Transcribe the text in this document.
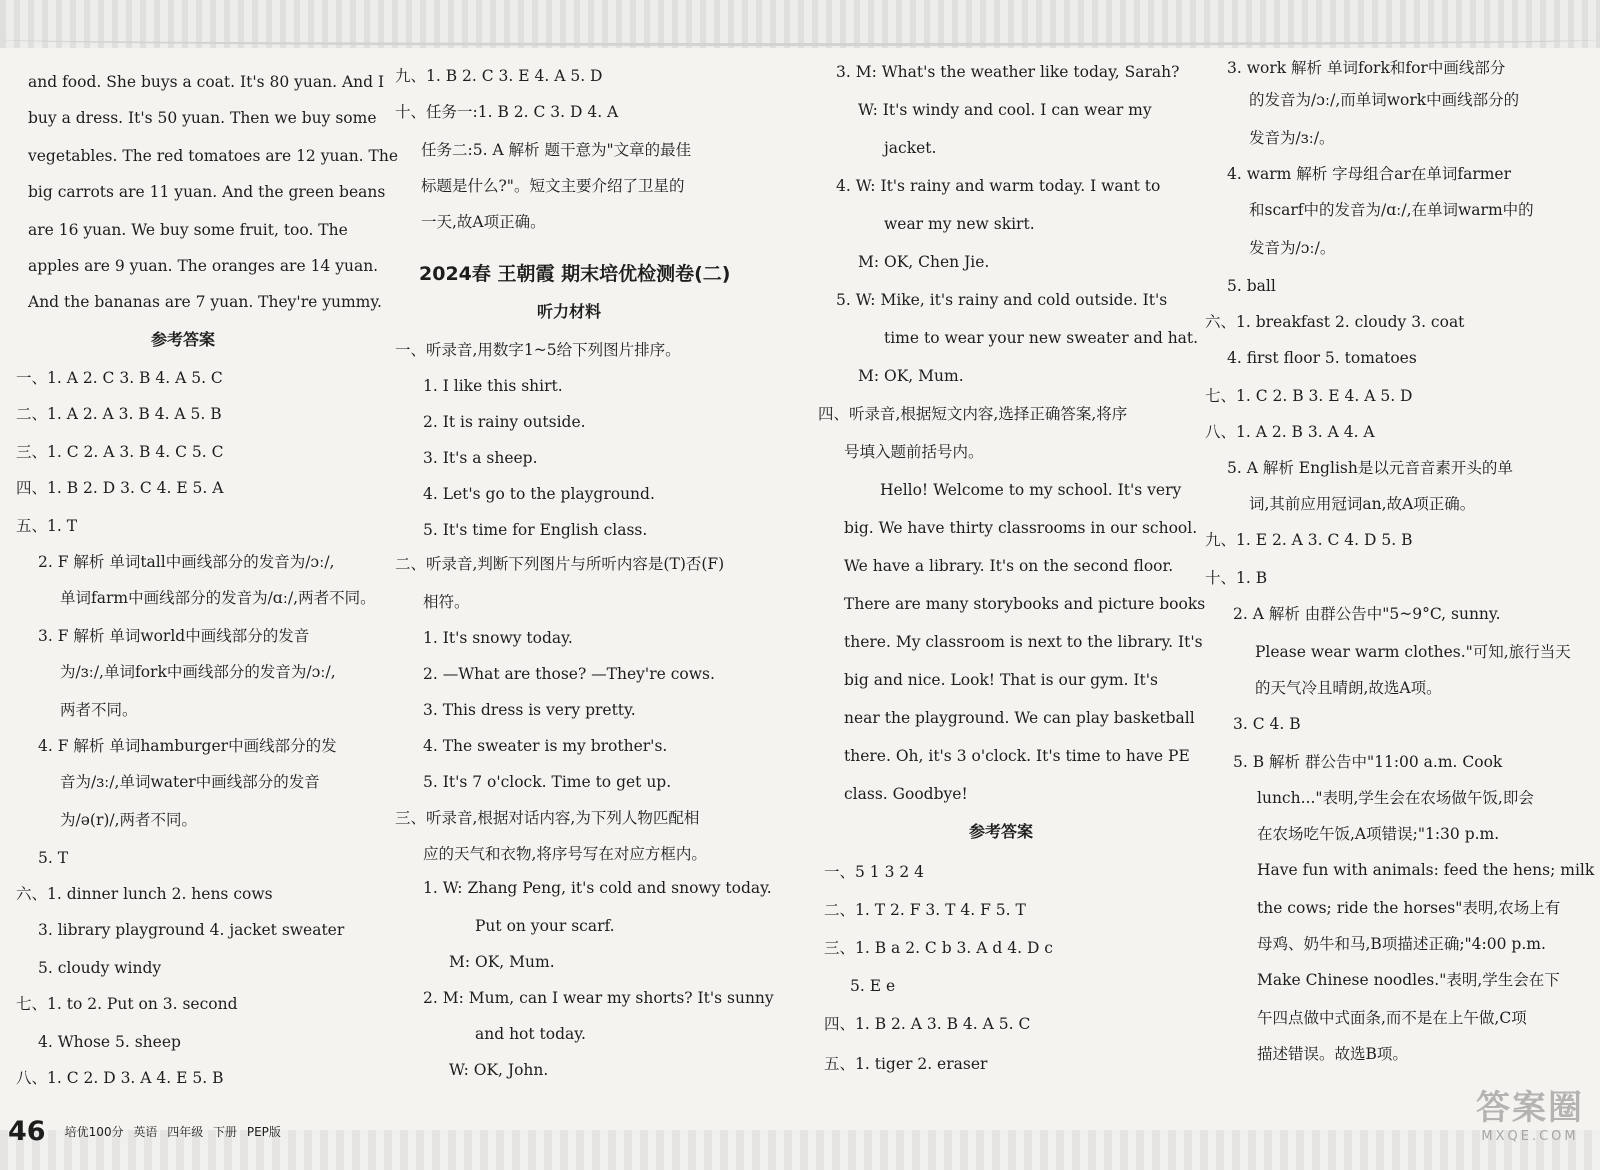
and food. She buys a coat. It's 80 yuan. And I
buy a dress. It's 50 yuan. Then we buy some
vegetables. The red tomatoes are 12 yuan. The
big carrots are 11 yuan. And the green beans
are 16 yuan. We buy some fruit, too. The
apples are 9 yuan. The oranges are 14 yuan.
And the bananas are 7 yuan. They're yummy.
参考答案
一、1. A 2. C 3. B 4. A 5. C
二、1. A 2. A 3. B 4. A 5. B
三、1. C 2. A 3. B 4. C 5. C
四、1. B 2. D 3. C 4. E 5. A
五、1. T
2. F 解析 单词tall中画线部分的发音为/ɔː/,
单词farm中画线部分的发音为/ɑː/,两者不同。
3. F 解析 单词world中画线部分的发音
为/ɜː/,单词fork中画线部分的发音为/ɔː/,
两者不同。
4. F 解析 单词hamburger中画线部分的发
音为/ɜː/,单词water中画线部分的发音
为/ə(r)/,两者不同。
5. T
六、1. dinner lunch 2. hens cows
3. library playground 4. jacket sweater
5. cloudy windy
七、1. to 2. Put on 3. second
4. Whose 5. sheep
八、1. C 2. D 3. A 4. E 5. B
九、1. B 2. C 3. E 4. A 5. D
十、任务一:1. B 2. C 3. D 4. A
任务二:5. A 解析 题干意为"文章的最佳
标题是什么?"。短文主要介绍了卫星的
一天,故A项正确。
2024春 王朝霞 期末培优检测卷(二)
听力材料
一、听录音,用数字1~5给下列图片排序。
1. I like this shirt.
2. It is rainy outside.
3. It's a sheep.
4. Let's go to the playground.
5. It's time for English class.
二、听录音,判断下列图片与所听内容是(T)否(F)
相符。
1. It's snowy today.
2. —What are those? —They're cows.
3. This dress is very pretty.
4. The sweater is my brother's.
5. It's 7 o'clock. Time to get up.
三、听录音,根据对话内容,为下列人物匹配相
应的天气和衣物,将序号写在对应方框内。
1. W: Zhang Peng, it's cold and snowy today.
Put on your scarf.
M: OK, Mum.
2. M: Mum, can I wear my shorts? It's sunny
and hot today.
W: OK, John.
3. M: What's the weather like today, Sarah?
W: It's windy and cool. I can wear my
jacket.
4. W: It's rainy and warm today. I want to
wear my new skirt.
M: OK, Chen Jie.
5. W: Mike, it's rainy and cold outside. It's
time to wear your new sweater and hat.
M: OK, Mum.
四、听录音,根据短文内容,选择正确答案,将序
号填入题前括号内。
Hello! Welcome to my school. It's very
big. We have thirty classrooms in our school.
We have a library. It's on the second floor.
There are many storybooks and picture books
there. My classroom is next to the library. It's
big and nice. Look! That is our gym. It's
near the playground. We can play basketball
there. Oh, it's 3 o'clock. It's time to have PE
class. Goodbye!
参考答案
一、5 1 3 2 4
二、1. T 2. F 3. T 4. F 5. T
三、1. B a 2. C b 3. A d 4. D c
5. E e
四、1. B 2. A 3. B 4. A 5. C
五、1. tiger 2. eraser
3. work 解析 单词fork和for中画线部分
的发音为/ɔː/,而单词work中画线部分的
发音为/ɜː/。
4. warm 解析 字母组合ar在单词farmer
和scarf中的发音为/ɑː/,在单词warm中的
发音为/ɔː/。
5. ball
六、1. breakfast 2. cloudy 3. coat
4. first floor 5. tomatoes
七、1. C 2. B 3. E 4. A 5. D
八、1. A 2. B 3. A 4. A
5. A 解析 English是以元音音素开头的单
词,其前应用冠词an,故A项正确。
九、1. E 2. A 3. C 4. D 5. B
十、1. B
2. A 解析 由群公告中"5~9°C, sunny.
Please wear warm clothes."可知,旅行当天
的天气冷且晴朗,故选A项。
3. C 4. B
5. B 解析 群公告中"11:00 a.m. Cook
lunch..."表明,学生会在农场做午饭,即会
在农场吃午饭,A项错误;"1:30 p.m.
Have fun with animals: feed the hens; milk
the cows; ride the horses"表明,农场上有
母鸡、奶牛和马,B项描述正确;"4:00 p.m.
Make Chinese noodles."表明,学生会在下
午四点做中式面条,而不是在上午做,C项
描述错误。故选B项。
46 培优100分 英语 四年级 下册 PEP版
答案圈
MXQE.COM
